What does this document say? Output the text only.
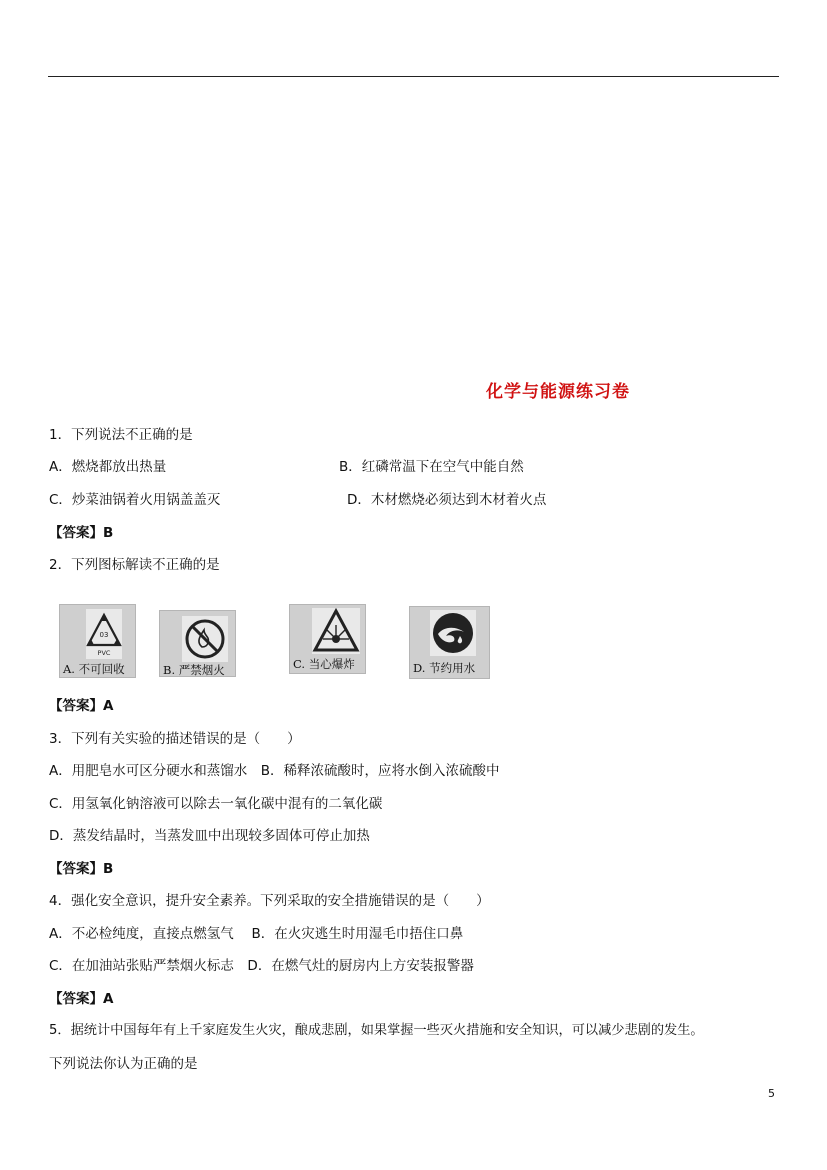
化学与能源练习卷
1．下列说法不正确的是
A．燃烧都放出热量	B．红磷常温下在空气中能自然
C．炒菜油锅着火用锅盖盖灭	D．木材燃烧必须达到木材着火点
【答案】B
2．下列图标解读不正确的是
03
PVC
A. 不可回收	B. 严禁烟火	C. 当心爆炸	D. 节约用水
【答案】A
3．下列有关实验的描述错误的是（　　）
A．用肥皂水可区分硬水和蒸馏水　B．稀释浓硫酸时，应将水倒入浓硫酸中
C．用氢氧化钠溶液可以除去一氧化碳中混有的二氧化碳
D．蒸发结晶时，当蒸发皿中出现较多固体可停止加热
【答案】B
4．强化安全意识，提升安全素养。下列采取的安全措施错误的是（　　）
A．不必检纯度，直接点燃氢气　 B．在火灾逃生时用湿毛巾捂住口鼻
C．在加油站张贴严禁烟火标志　D．在燃气灶的厨房内上方安装报警器
【答案】A
5．据统计中国每年有上千家庭发生火灾，酿成悲剧，如果掌握一些灭火措施和安全知识，可以减少悲剧的发生。
下列说法你认为正确的是
5
